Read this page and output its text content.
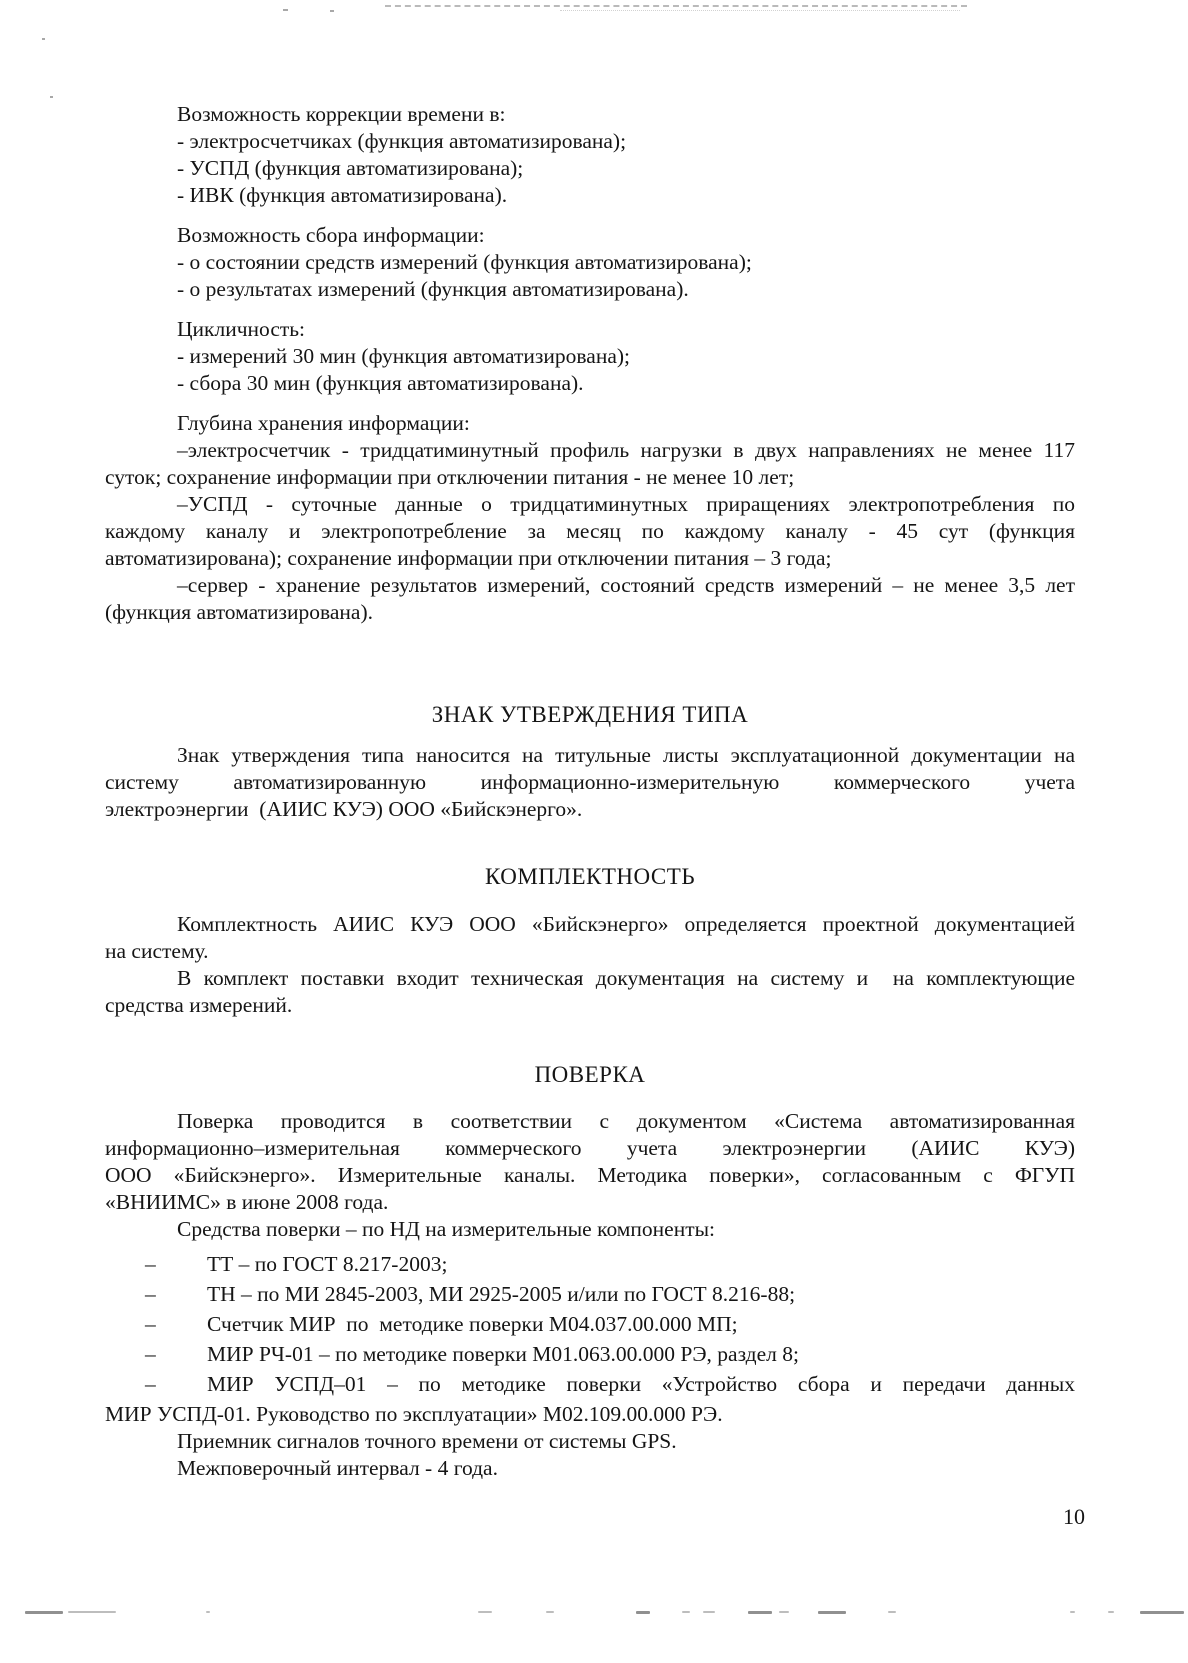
Возможность коррекции времени в:
- электросчетчиках (функция автоматизирована);
- УСПД (функция автоматизирована);
- ИВК (функция автоматизирована).
Возможность сбора информации:
- о состоянии средств измерений (функция автоматизирована);
- о результатах измерений (функция автоматизирована).
Цикличность:
- измерений 30 мин (функция автоматизирована);
- сбора 30 мин (функция автоматизирована).
Глубина хранения информации:
–электросчетчик - тридцатиминутный профиль нагрузки в двух направлениях не менее 117
суток; сохранение информации при отключении питания - не менее 10 лет;
–УСПД - суточные данные о тридцатиминутных приращениях электропотребления по
каждому каналу и электропотребление за месяц по каждому каналу - 45 сут (функция
автоматизирована); сохранение информации при отключении питания – 3 года;
–сервер - хранение результатов измерений, состояний средств измерений – не менее 3,5 лет
(функция автоматизирована).
ЗНАК УТВЕРЖДЕНИЯ ТИПА
Знак утверждения типа наносится на титульные листы эксплуатационной документации на
систему автоматизированную информационно-измерительную коммерческого учета
электроэнергии  (АИИС КУЭ) ООО «Бийскэнерго».
КОМПЛЕКТНОСТЬ
Комплектность АИИС КУЭ ООО «Бийскэнерго» определяется проектной документацией
на систему.
В комплект поставки входит техническая документация на систему и  на комплектующие
средства измерений.
ПОВЕРКА
Поверка проводится в соответствии с документом «Система автоматизированная
информационно–измерительная коммерческого учета электроэнергии (АИИС КУЭ)
ООО «Бийскэнерго». Измерительные каналы. Методика поверки», согласованным с ФГУП
«ВНИИМС» в июне 2008 года.
Средства поверки – по НД на измерительные компоненты:
– ТТ – по ГОСТ 8.217-2003;
– ТН – по МИ 2845-2003, МИ 2925-2005 и/или по ГОСТ 8.216-88;
– Счетчик МИР  по  методике поверки М04.037.00.000 МП;
– МИР РЧ-01 – по методике поверки М01.063.00.000 РЭ, раздел 8;
– МИР УСПД–01 – по методике поверки «Устройство сбора и передачи данных
МИР УСПД-01. Руководство по эксплуатации» М02.109.00.000 РЭ.
Приемник сигналов точного времени от системы GPS.
Межповерочный интервал - 4 года.
10
